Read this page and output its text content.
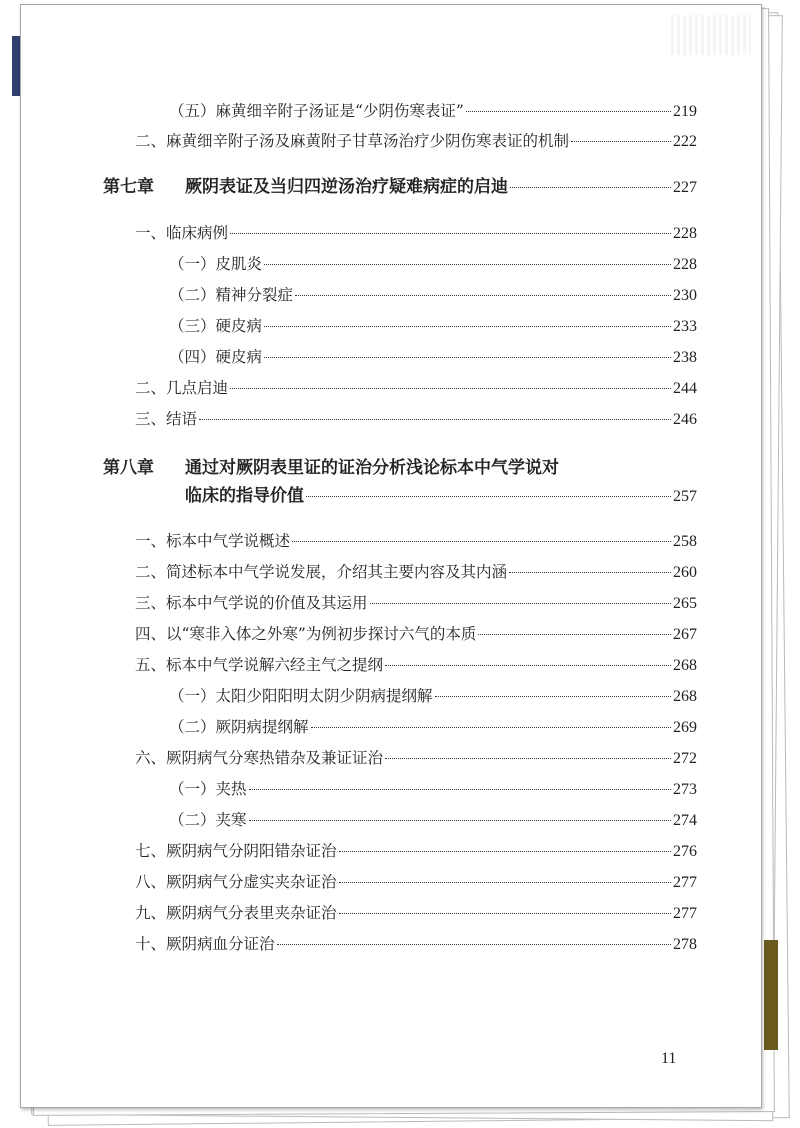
（五）麻黄细辛附子汤证是“少阴伤寒表证”	219
二、麻黄细辛附子汤及麻黄附子甘草汤治疗少阴伤寒表证的机制	222
第七章	厥阴表证及当归四逆汤治疗疑难病症的启迪	227
一、临床病例	228
（一）皮肌炎	228
（二）精神分裂症	230
（三）硬皮病	233
（四）硬皮病	238
二、几点启迪	244
三、结语	246
第八章 通过对厥阴表里证的证治分析浅论标本中气学说对
临床的指导价值	257
一、标本中气学说概述	258
二、简述标本中气学说发展，介绍其主要内容及其内涵	260
三、标本中气学说的价值及其运用	265
四、以“寒非入体之外寒”为例初步探讨六气的本质	267
五、标本中气学说解六经主气之提纲	268
（一）太阳少阳阳明太阴少阴病提纲解	268
（二）厥阴病提纲解	269
六、厥阴病气分寒热错杂及兼证证治	272
（一）夹热	273
（二）夹寒	274
七、厥阴病气分阴阳错杂证治	276
八、厥阴病气分虚实夹杂证治	277
九、厥阴病气分表里夹杂证治	277
十、厥阴病血分证治	278
11
